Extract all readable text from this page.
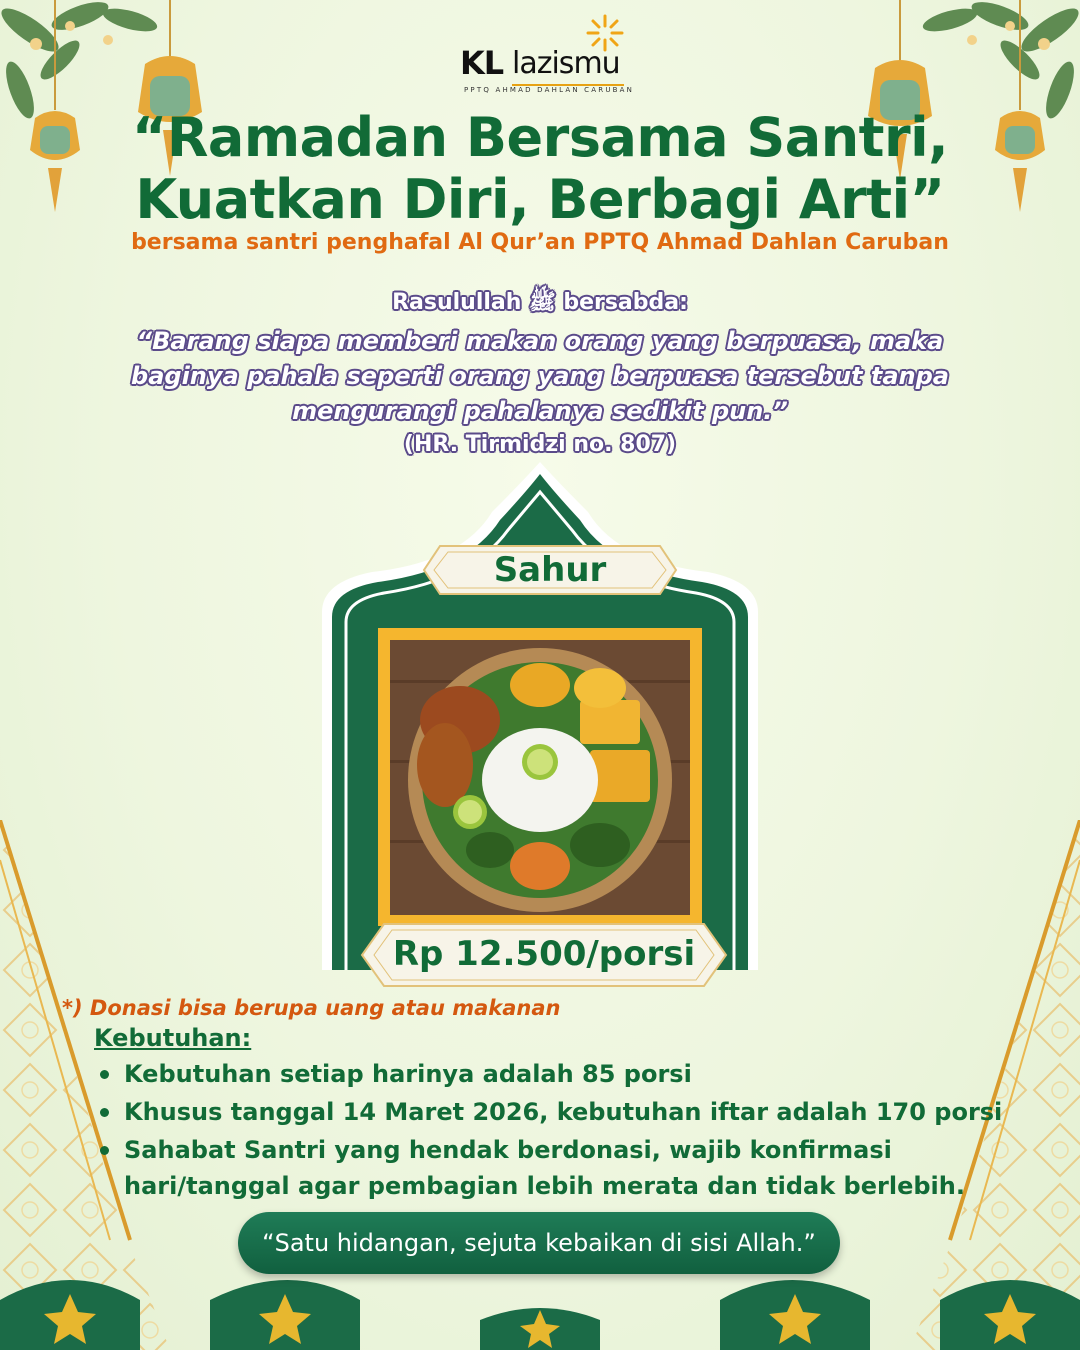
KL lazismu
PPTQ AHMAD DAHLAN CARUBAN
“Ramadan Bersama Santri,
Kuatkan Diri, Berbagi Arti”
bersama santri penghafal Al Qur’an PPTQ Ahmad Dahlan Caruban
Rasulullah ﷺ bersabda:
“Barang siapa memberi makan orang yang berpuasa, maka
baginya pahala seperti orang yang berpuasa tersebut tanpa
mengurangi pahalanya sedikit pun.”
(HR. Tirmidzi no. 807)
Sahur
Rp 12.500/porsi
*) Donasi bisa berupa uang atau makanan
Kebutuhan:
Kebutuhan setiap harinya adalah 85 porsi
Khusus tanggal 14 Maret 2026, kebutuhan iftar adalah 170 porsi
Sahabat Santri yang hendak berdonasi, wajib konfirmasi
hari/tanggal agar pembagian lebih merata dan tidak berlebih.
“Satu hidangan, sejuta kebaikan di sisi Allah.”
